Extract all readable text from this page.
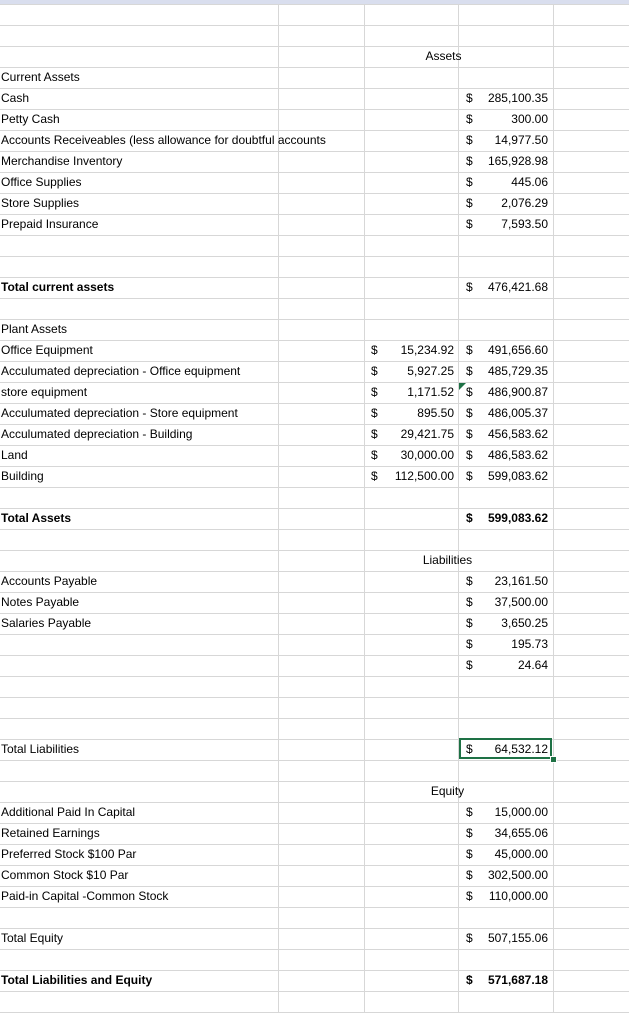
Assets
Liabilities
Equity
Current Assets
Cash	$	285,100.35
Petty Cash	$	300.00
Accounts Receiveables (less allowance for doubtful accounts	$	14,977.50
Merchandise Inventory	$	165,928.98
Office Supplies	$	445.06
Store Supplies	$	2,076.29
Prepaid Insurance	$	7,593.50
Total current assets	$	476,421.68
Plant Assets
Office Equipment	$	15,234.92 $	491,656.60
Acculumated depreciation - Office equipment	$	5,927.25 $	485,729.35
store equipment	$	1,171.52 $	486,900.87
Acculumated depreciation - Store equipment	$	895.50 $	486,005.37
Acculumated depreciation - Building	$	29,421.75 $	456,583.62
Land	$	30,000.00 $	486,583.62
Building	$	112,500.00 $	599,083.62
Total Assets	$	599,083.62
Accounts Payable	$	23,161.50
Notes Payable	$	37,500.00
Salaries Payable	$	3,650.25
$	195.73
$	24.64
Total Liabilities	$	64,532.12
Additional Paid In Capital	$	15,000.00
Retained Earnings	$	34,655.06
Preferred Stock $100 Par	$	45,000.00
Common Stock $10 Par	$	302,500.00
Paid-in Capital -Common Stock	$	110,000.00
Total Equity	$	507,155.06
Total Liabilities and Equity	$	571,687.18
